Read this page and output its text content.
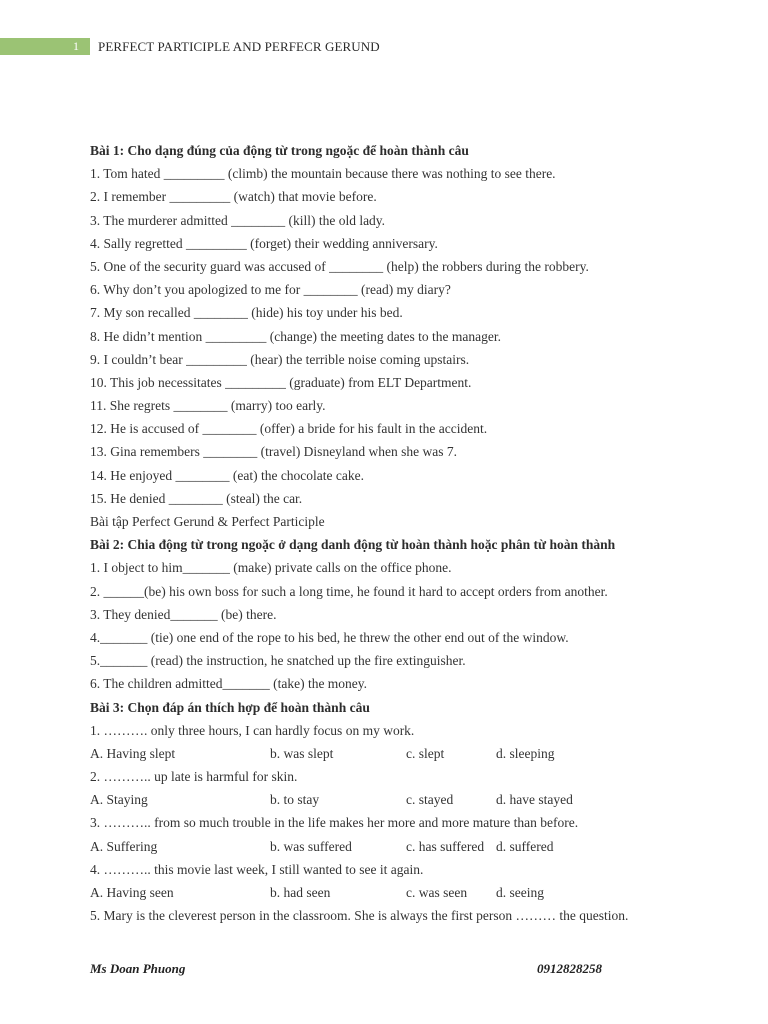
1	PERFECT PARTICIPLE AND PERFECR GERUND
Bài 1: Cho dạng đúng của động từ trong ngoặc để hoàn thành câu
1. Tom hated _________ (climb) the mountain because there was nothing to see there.
2. I remember _________ (watch) that movie before.
3. The murderer admitted ________ (kill) the old lady.
4. Sally regretted _________ (forget) their wedding anniversary.
5. One of the security guard was accused of ________ (help) the robbers during the robbery.
6. Why don’t you apologized to me for ________ (read) my diary?
7. My son recalled ________ (hide) his toy under his bed.
8. He didn’t mention _________ (change) the meeting dates to the manager.
9. I couldn’t bear _________ (hear) the terrible noise coming upstairs.
10. This job necessitates _________ (graduate) from ELT Department.
11. She regrets ________ (marry) too early.
12. He is accused of ________ (offer) a bride for his fault in the accident.
13. Gina remembers ________ (travel) Disneyland when she was 7.
14. He enjoyed ________ (eat) the chocolate cake.
15. He denied ________ (steal) the car.
Bài tập Perfect Gerund & Perfect Participle
Bài 2: Chia động từ trong ngoặc ở dạng danh động từ hoàn thành hoặc phân từ hoàn thành
1. I object to him_______ (make) private calls on the office phone.
2. ______(be) his own boss for such a long time, he found it hard to accept orders from another.
3. They denied_______ (be) there.
4._______ (tie) one end of the rope to his bed, he threw the other end out of the window.
5._______ (read) the instruction, he snatched up the fire extinguisher.
6. The children admitted_______ (take) the money.
Bài 3: Chọn đáp án thích hợp để hoàn thành câu
1. ………. only three hours, I can hardly focus on my work.
A. Having slept	b. was slept	c. slept	d. sleeping
2. ……….. up late is harmful for skin.
A. Staying	b. to stay	c. stayed	d. have stayed
3. ……….. from so much trouble in the life makes her more and more mature than before.
A. Suffering	b. was suffered	c. has suffered d. suffered
4. ……….. this movie last week, I still wanted to see it again.
A. Having seen	b. had seen	c. was seen	d. seeing
5. Mary is the cleverest person in the classroom. She is always the first person ……… the question.
Ms Doan Phuong	0912828258
